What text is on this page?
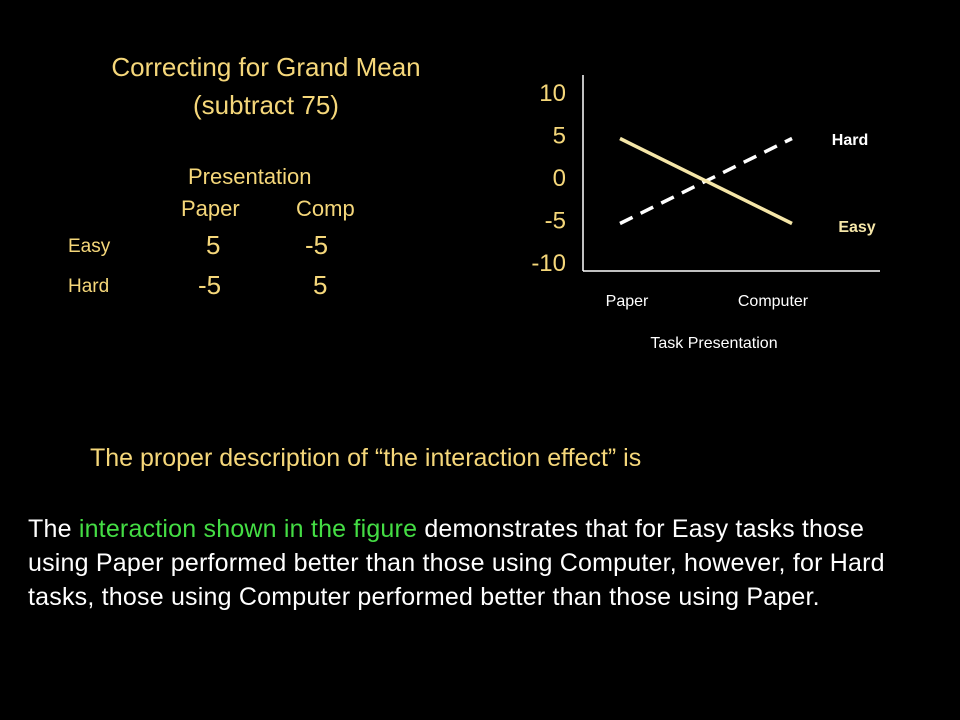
Correcting for Grand Mean
(subtract 75)
Presentation
Paper	Comp
Easy	5	-5
Hard	-5	5
10
5
0
-5
-10
Paper	Computer
Task Presentation
Hard
Easy
The proper description of “the interaction effect” is
The interaction shown in the figure demonstrates that for Easy tasks those using Paper performed better than those using Computer, however, for Hard tasks, those using Computer performed better than those using Paper.
